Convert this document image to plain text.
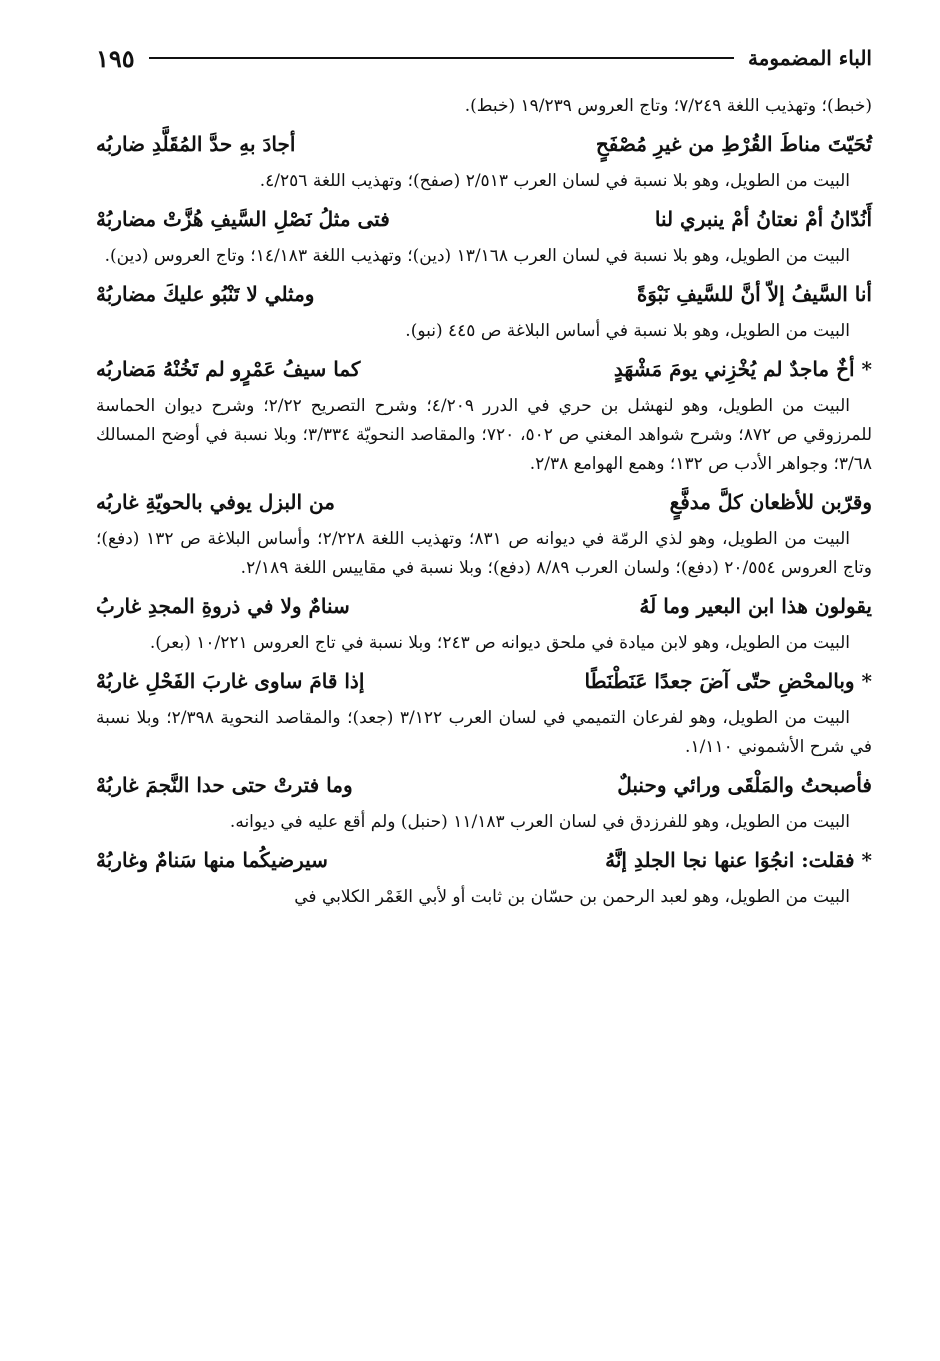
الباء المضمومة
١٩٥

(خبط)؛ وتهذيب اللغة ٧/٢٤٩؛ وتاج العروس ١٩/٢٣٩ (خبط).

تُحَيّتَ مناطَ القُرْطِ من غيرِ مُصْفَحٍ
أجادَ بهِ حدَّ المُقَلَّدِ ضاربُه

البيت من الطويل، وهو بلا نسبة في لسان العرب ٢/٥١٣ (صفح)؛ وتهذيب اللغة ٤/٢٥٦.

أَنُدّانُ أمْ نعتانُ أمْ ينبري لنا
فتى مثلُ نَصْلِ السَّيفِ هُزَّتْ مضاربُهْ

البيت من الطويل، وهو بلا نسبة في لسان العرب ١٣/١٦٨ (دين)؛ وتهذيب اللغة ١٤/١٨٣؛ وتاج العروس (دين).

أنا السَّيفُ إلاّ أنَّ للسَّيفِ نَبْوَةً
ومثلي لا تَنْبُو عليكَ مضاربُهْ

البيت من الطويل، وهو بلا نسبة في أساس البلاغة ص ٤٤٥ (نبو).

* أخٌ ماجدٌ لم يُخْزِني يومَ مَشْهَدٍ
كما سيفُ عَمْرٍو لم تَخُنْهُ مَضاربُه

البيت من الطويل، وهو لنهشل بن حري في الدرر ٤/٢٠٩؛ وشرح التصريح ٢/٢٢؛ وشرح ديوان الحماسة للمرزوقي ص ٨٧٢؛ وشرح شواهد المغني ص ٥٠٢، ٧٢٠؛ والمقاصد النحويّة ٣/٣٣٤؛ وبلا نسبة في أوضح المسالك ٣/٦٨؛ وجواهر الأدب ص ١٣٢؛ وهمع الهوامع ٢/٣٨.

وقرّبن للأظعان كلَّ مدفَّعٍ
من البزل يوفي بالحويّةِ غاربُه

البيت من الطويل، وهو لذي الرمّة في ديوانه ص ٨٣١؛ وتهذيب اللغة ٢/٢٢٨؛ وأساس البلاغة ص ١٣٢ (دفع)؛ وتاج العروس ٢٠/٥٥٤ (دفع)؛ ولسان العرب ٨/٨٩ (دفع)؛ وبلا نسبة في مقاييس اللغة ٢/١٨٩.

يقولون هذا ابن البعير وما لَهُ
سنامٌ ولا في ذروةِ المجدِ غاربُ

البيت من الطويل، وهو لابن ميادة في ملحق ديوانه ص ٢٤٣؛ وبلا نسبة في تاج العروس ١٠/٢٢١ (بعر).

* وبالمحْضِ حتّى آضَ جعدًا عَنَطْنَطًا
إذا قامَ ساوى غاربَ الفَحْلِ غاربُهْ

البيت من الطويل، وهو لفرعان التميمي في لسان العرب ٣/١٢٢ (جعد)؛ والمقاصد النحوية ٢/٣٩٨؛ وبلا نسبة في شرح الأشموني ١/١١٠.

فأصبحتُ والمَلْقَى ورائي وحنبلٌ
وما فترتْ حتى حدا النَّجمَ غاربُهْ

البيت من الطويل، وهو للفرزدق في لسان العرب ١١/١٨٣ (حنبل) ولم أقع عليه في ديوانه.

* فقلت: انجُوَا عنها نجا الجلدِ إنَّهُ
سيرضيكُما منها سَنامٌ وغاربُهْ

البيت من الطويل، وهو لعبد الرحمن بن حسّان بن ثابت أو لأبي الغَمْر الكلابي في
